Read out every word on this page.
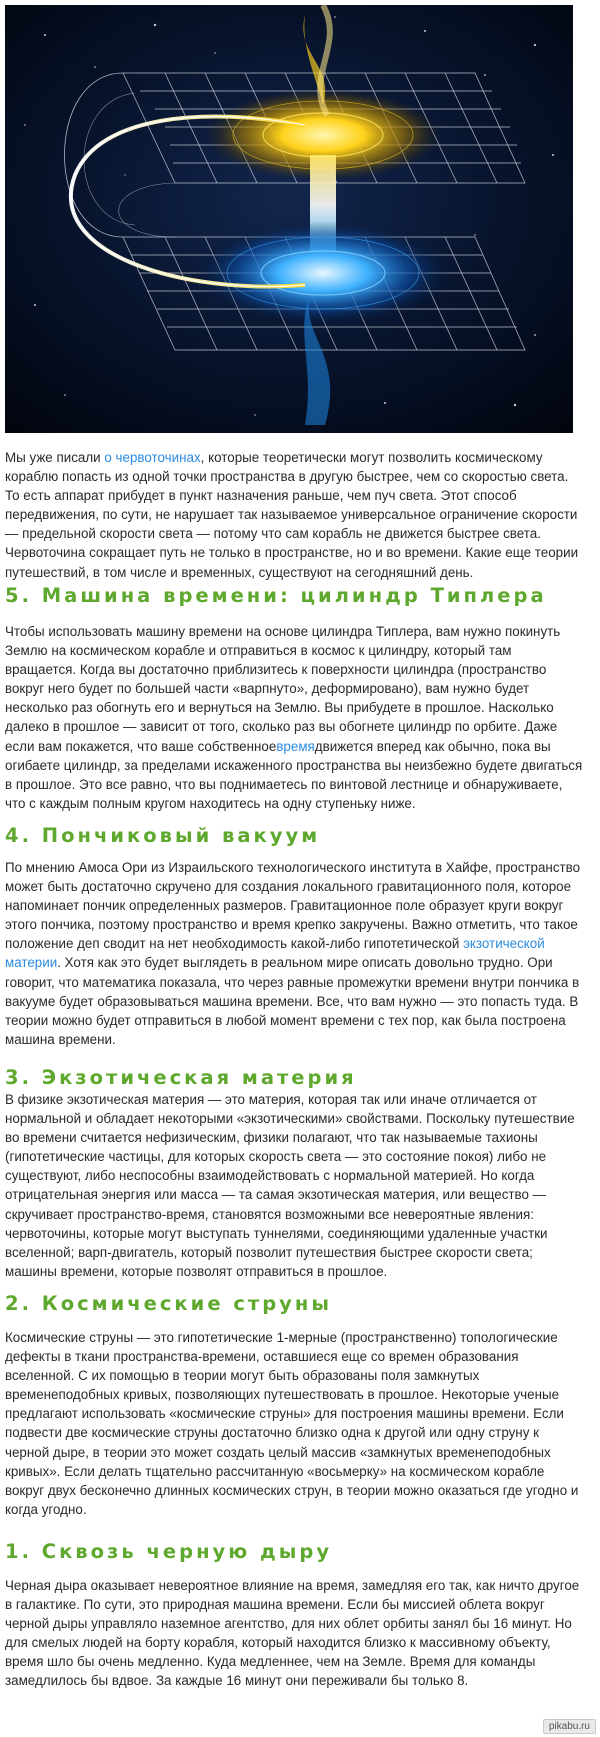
Мы уже писали о червоточинах, которые теоретически могут позволить космическому кораблю попасть из одной точки пространства в другую быстрее, чем со скоростью света. То есть аппарат прибудет в пункт назначения раньше, чем пуч света. Этот способ передвижения, по сути, не нарушает так называемое универсальное ограничение скорости — предельной скорости света — потому что сам корабль не движется быстрее света. Червоточина сокращает путь не только в пространстве, но и во времени. Какие еще теории путешествий, в том числе и временных, существуют на сегодняшний день.

5. Машина времени: цилиндр Типлера

Чтобы использовать машину времени на основе цилиндра Типлера, вам нужно покинуть Землю на космическом корабле и отправиться в космос к цилиндру, который там вращается. Когда вы достаточно приблизитесь к поверхности цилиндра (пространство вокруг него будет по большей части «варпнуто», деформировано), вам нужно будет несколько раз обогнуть его и вернуться на Землю. Вы прибудете в прошлое. Насколько далеко в прошлое — зависит от того, сколько раз вы обогнете цилиндр по орбите. Даже если вам покажется, что ваше собственноевремядвижется вперед как обычно, пока вы огибаете цилиндр, за пределами искаженного пространства вы неизбежно будете двигаться в прошлое. Это все равно, что вы поднимаетесь по винтовой лестнице и обнаруживаете, что с каждым полным кругом находитесь на одну ступеньку ниже.

4. Пончиковый вакуум

По мнению Амоса Ори из Израильского технологического института в Хайфе, пространство может быть достаточно скручено для создания локального гравитационного поля, которое напоминает пончик определенных размеров. Гравитационное поле образует круги вокруг этого пончика, поэтому пространство и время крепко закручены. Важно отметить, что такое положение деп сводит на нет необходимость какой-либо гипотетической экзотической материи. Хотя как это будет выглядеть в реальном мире описать довольно трудно. Ори говорит, что математика показала, что через равные промежутки времени внутри пончика в вакууме будет образовываться машина времени. Все, что вам нужно — это попасть туда. В теории можно будет отправиться в любой момент времени с тех пор, как была построена машина времени.

3. Экзотическая материя

В физике экзотическая материя — это материя, которая так или иначе отличается от нормальной и обладает некоторыми «экзотическими» свойствами. Поскольку путешествие во времени считается нефизическим, физики полагают, что так называемые тахионы (гипотетические частицы, для которых скорость света — это состояние покоя) либо не существуют, либо неспособны взаимодействовать с нормальной материей. Но когда отрицательная энергия или масса — та самая экзотическая материя, или вещество — скручивает пространство-время, становятся возможными все невероятные явления: червоточины, которые могут выступать туннелями, соединяющими удаленные участки вселенной; варп-двигатель, который позволит путешествия быстрее скорости света; машины времени, которые позволят отправиться в прошлое.

2. Космические струны

Космические струны — это гипотетические 1-мерные (пространственно) топологические дефекты в ткани пространства-времени, оставшиеся еще со времен образования вселенной. С их помощью в теории могут быть образованы поля замкнутых временеподобных кривых, позволяющих путешествовать в прошлое. Некоторые ученые предлагают использовать «космические струны» для построения машины времени. Если подвести две космические струны достаточно близко одна к другой или одну струну к черной дыре, в теории это может создать целый массив «замкнутых временеподобных кривых». Если делать тщательно рассчитанную «восьмерку» на космическом корабле вокруг двух бесконечно длинных космических струн, в теории можно оказаться где угодно и когда угодно.

1. Сквозь черную дыру

Черная дыра оказывает невероятное влияние на время, замедляя его так, как ничто другое в галактике. По сути, это природная машина времени. Если бы миссией облета вокруг черной дыры управляло наземное агентство, для них облет орбиты занял бы 16 минут. Но для смелых людей на борту корабля, который находится близко к массивному объекту, время шло бы очень медленно. Куда медленнее, чем на Земле. Время для команды замедлилось бы вдвое. За каждые 16 минут они переживали бы только 8.

pikabu.ru
